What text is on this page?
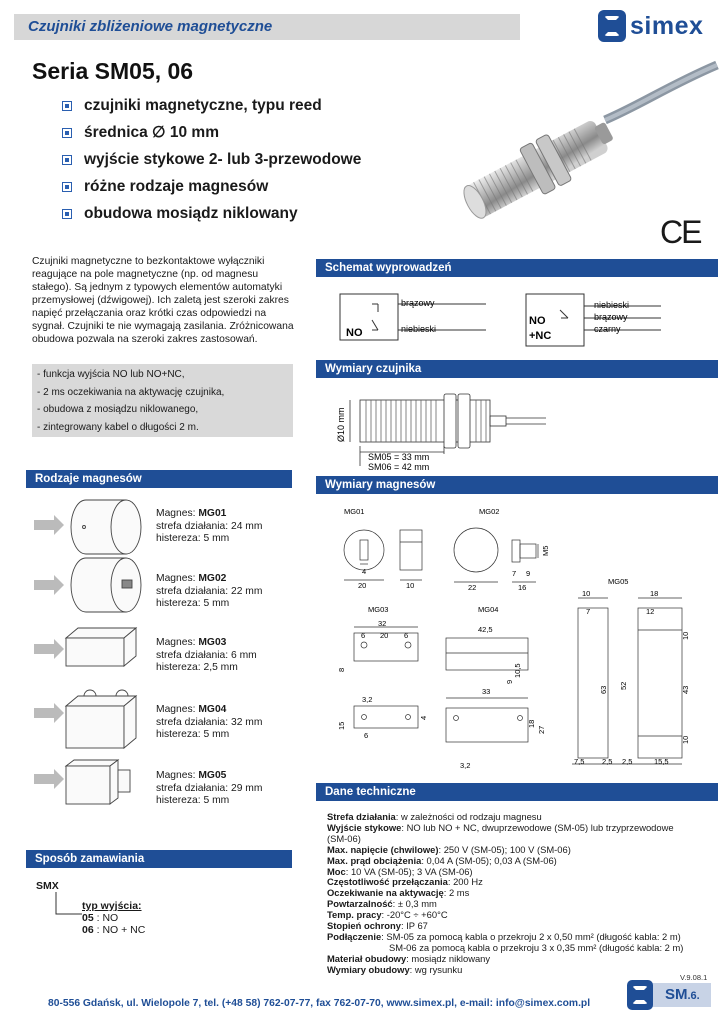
Czujniki zbliżeniowe magnetyczne	simex
Seria SM05, 06
czujniki magnetyczne, typu reed
średnica ∅ 10 mm
wyjście stykowe 2- lub 3-przewodowe
różne rodzaje magnesów
obudowa mosiądz niklowany
CE
Czujniki magnetyczne to bezkontaktowe wyłączniki reagujące na pole magnetyczne (np. od magnesu stałego). Są jednym z typowych elementów automatyki przemysłowej (dźwigowej). Ich zaletą jest szeroki zakres napięć przełączania oraz krótki czas odpowiedzi na sygnał. Czujniki te nie wymagają zasilania. Zróżnicowana obudowa pozwala na szeroki zakres zastosowań.
- funkcja wyjścia NO lub NO+NC,
- 2 ms oczekiwania na aktywację czujnika,
- obudowa z mosiądzu niklowanego,
- zintegrowany kabel o długości 2 m.
Schemat wyprowadzeń
brązowy
niebieski
NO
NO
+NC
niebieski
brązowy
czarny
Wymiary czujnika
Ø10 mm
SM05 = 33 mm
SM06 = 42 mm
Rodzaje magnesów
Magnes: MG01
strefa działania: 24 mm
histereza: 5 mm
Magnes: MG02
strefa działania: 22 mm
histereza: 5 mm
Magnes: MG03
strefa działania: 6 mm
histereza: 2,5 mm
Magnes: MG04
strefa działania: 32 mm
histereza: 5 mm
Magnes: MG05
strefa działania: 29 mm
histereza: 5 mm
Wymiary magnesów
MG01
4
20	10
MG02
22
7 9
16
M5
MG03
32
6 20 6
8
3,2
15
6
4
MG04
42,5
9
10,5
33
18
27
3,2
MG05
10	18
7	12
10
63 52	43
10
7,5 2,5 2,5	15,5
Dane techniczne
Strefa działania: w zależności od rodzaju magnesu
Wyjście stykowe: NO lub NO + NC, dwuprzewodowe (SM-05) lub trzyprzewodowe
(SM-06)
Max. napięcie (chwilowe): 250 V (SM-05); 100 V (SM-06)
Max. prąd obciążenia: 0,04 A (SM-05); 0,03 A (SM-06)
Moc: 10 VA (SM-05); 3 VA (SM-06)
Częstotliwość przełączania: 200 Hz
Oczekiwanie na aktywację: 2 ms
Powtarzalność: ± 0,3 mm
Temp. pracy: -20°C ÷ +60°C
Stopień ochrony: IP 67
Podłączenie: SM-05 za pomocą kabla o przekroju 2 x 0,50 mm² (długość kabla: 2 m)
SM-06 za pomocą kabla o przekroju 3 x 0,35 mm² (długość kabla: 2 m)
Materiał obudowy: mosiądz niklowany
Wymiary obudowy: wg rysunku
Sposób zamawiania
SMX
typ wyjścia:
05 : NO
06 : NO + NC
V.9.08.1
80-556 Gdańsk, ul. Wielopole 7, tel. (+48 58) 762-07-77, fax 762-07-70, www.simex.pl, e-mail: info@simex.com.pl
SM.6.
